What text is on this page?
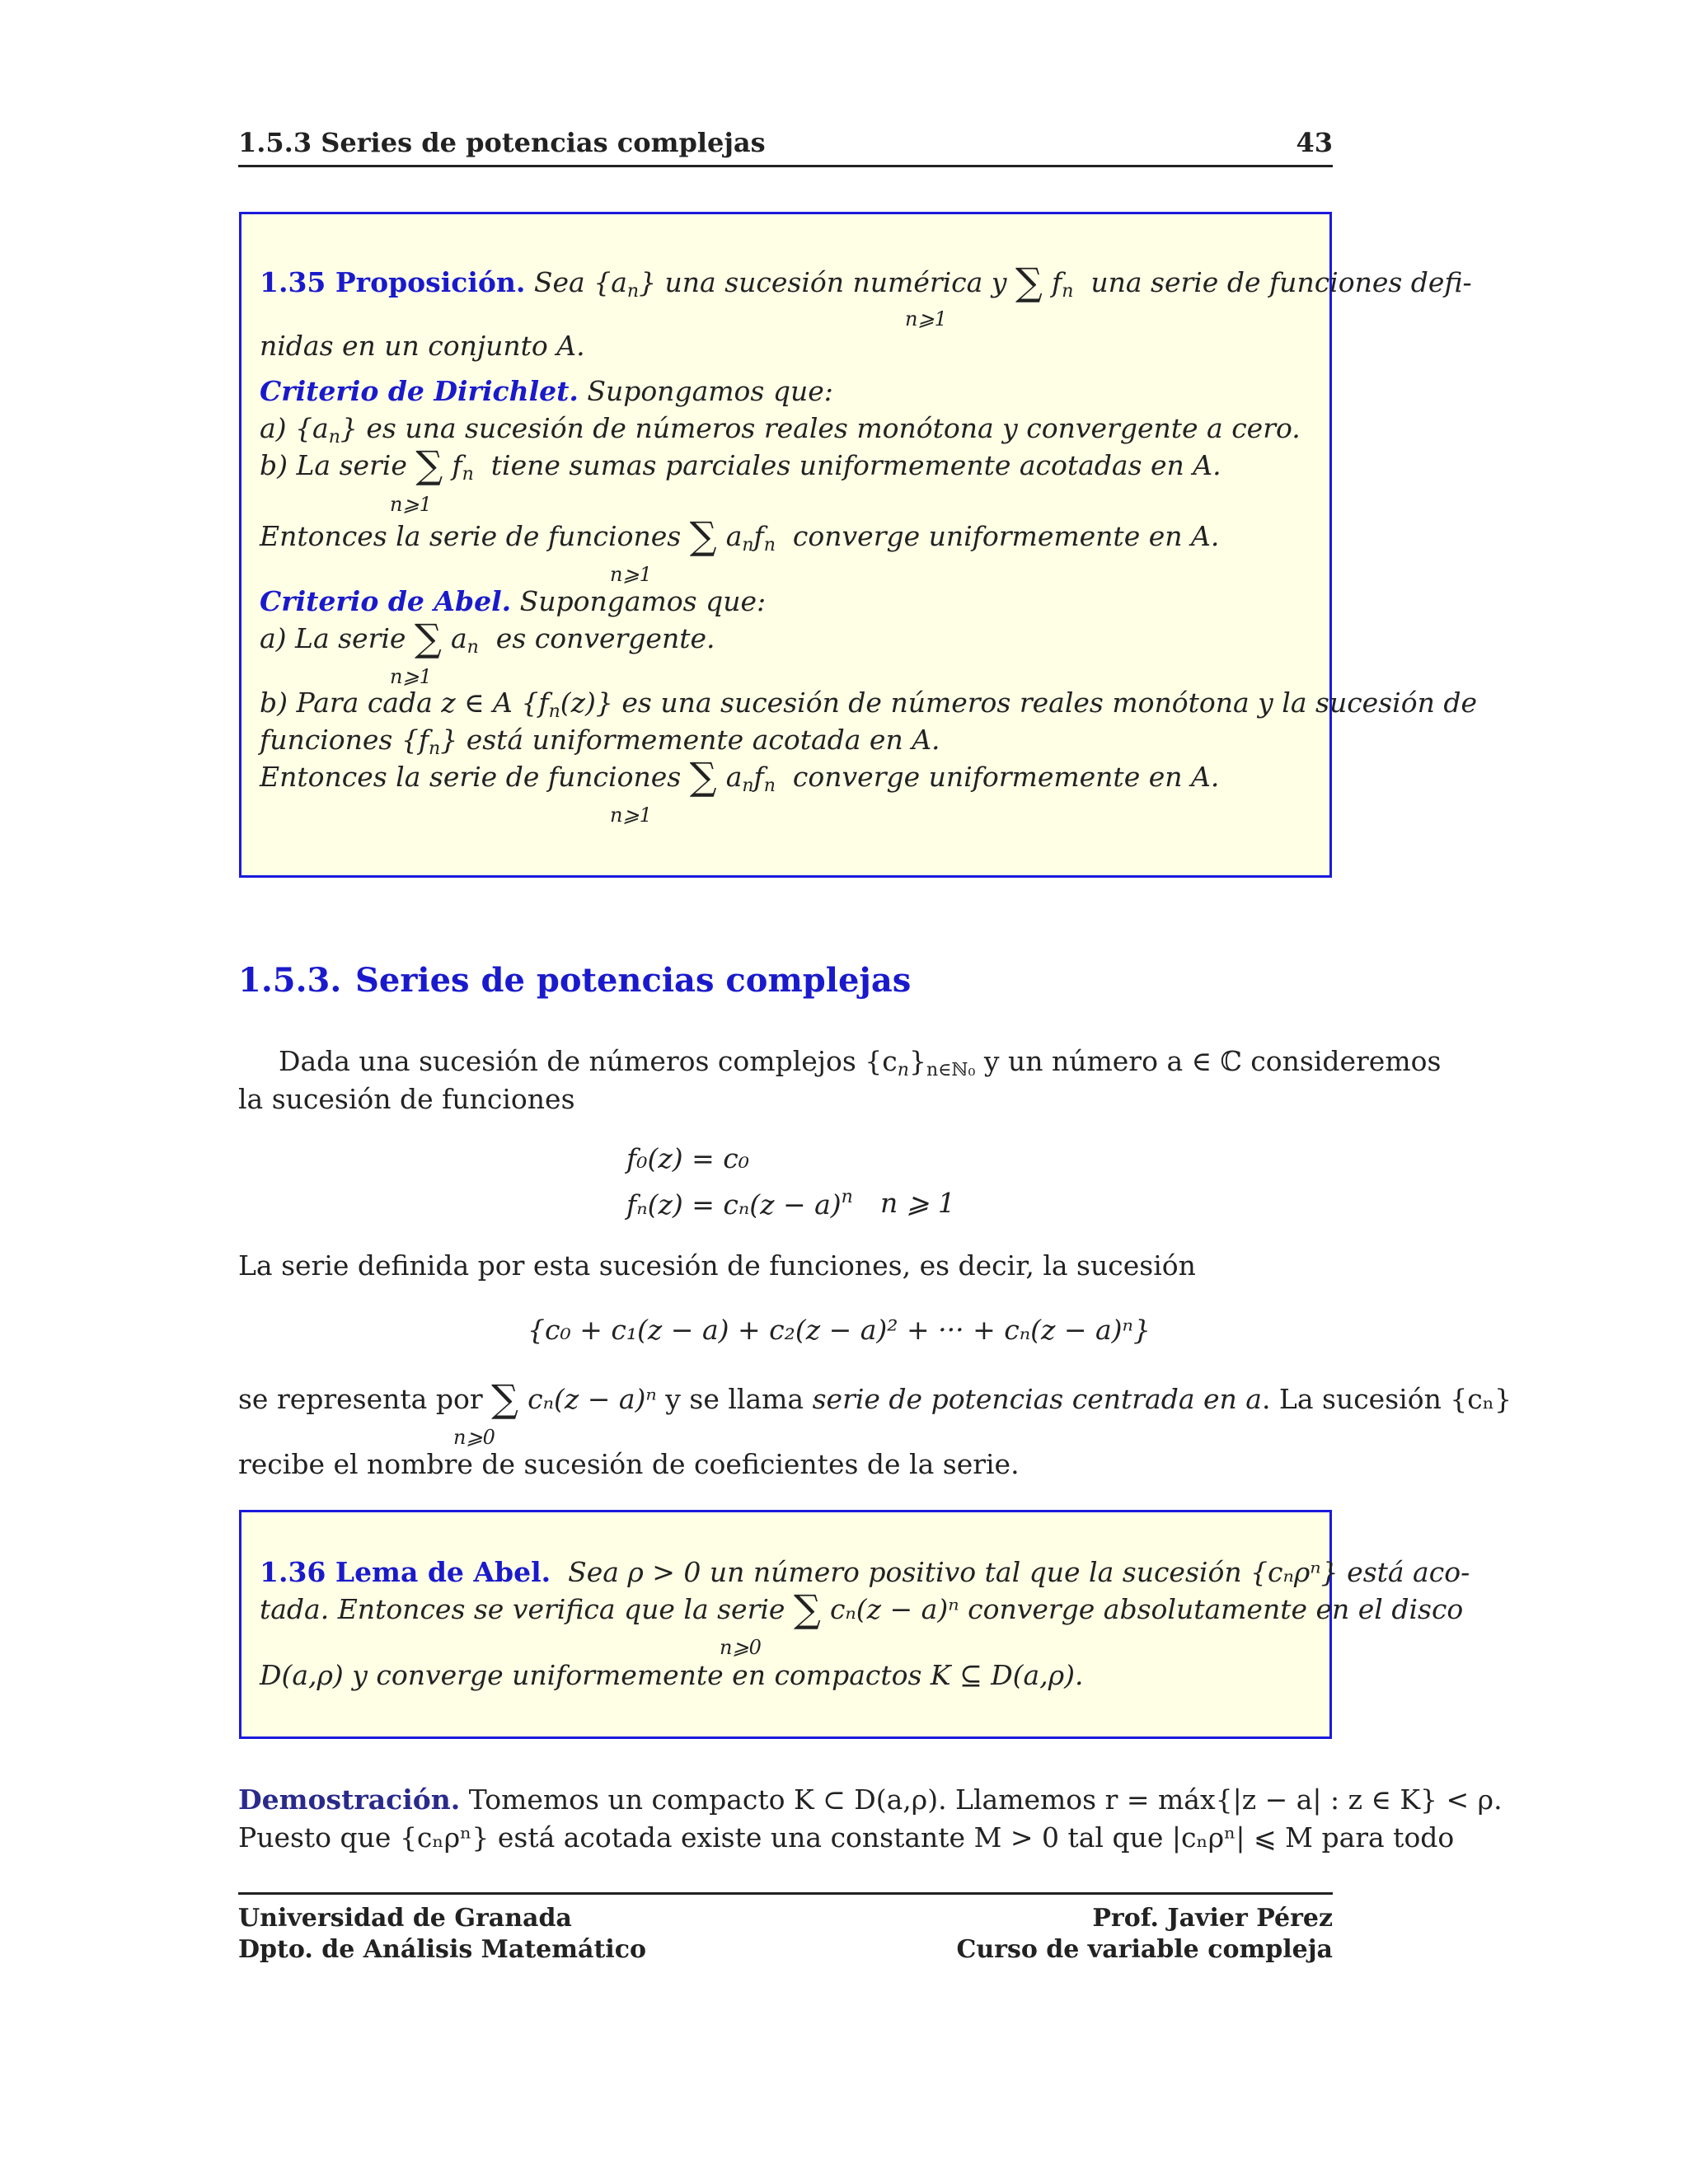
1.5.3 Series de potencias complejas	43
1.35 Proposición. Sea {an} una sucesión numérica y ∑ fn una serie de funciones defi-
n⩾1
nidas en un conjunto A.
Criterio de Dirichlet. Supongamos que:
a) {an} es una sucesión de números reales monótona y convergente a cero.
b) La serie ∑ fn tiene sumas parciales uniformemente acotadas en A.
n⩾1
Entonces la serie de funciones ∑ anfn converge uniformemente en A.
n⩾1
Criterio de Abel. Supongamos que:
a) La serie ∑ an es convergente.
n⩾1
b) Para cada z ∈ A {fn(z)} es una sucesión de números reales monótona y la sucesión de
funciones {fn} está uniformemente acotada en A.
Entonces la serie de funciones ∑ anfn converge uniformemente en A.
n⩾1
1.5.3. Series de potencias complejas
Dada una sucesión de números complejos {cn}n∈ℕ₀ y un número a ∈ ℂ consideremos
la sucesión de funciones
f₀(z) = c₀
$f_n(z) = c_n(z - a)^n$ n ⩾ 1
La serie definida por esta sucesión de funciones, es decir, la sucesión
{c₀ + c₁(z − a) + c₂(z − a)² + ··· + cₙ(z − a)ⁿ}
se representa por ∑ cₙ(z − a)ⁿ y se llama serie de potencias centrada en a. La sucesión {cₙ}
n⩾0
recibe el nombre de sucesión de coeficientes de la serie.
1.36 Lema de Abel. Sea ρ > 0 un número positivo tal que la sucesión {cₙρⁿ} está aco-
tada. Entonces se verifica que la serie ∑ cₙ(z − a)ⁿ converge absolutamente en el disco
n⩾0
D(a,ρ) y converge uniformemente en compactos K ⊆ D(a,ρ).
Demostración. Tomemos un compacto K ⊂ D(a,ρ). Llamemos r = máx{|z − a| : z ∈ K} < ρ.
Puesto que {cₙρⁿ} está acotada existe una constante M > 0 tal que |cₙρⁿ| ⩽ M para todo
Universidad de Granada
Dpto. de Análisis Matemático
Prof. Javier Pérez
Curso de variable compleja
